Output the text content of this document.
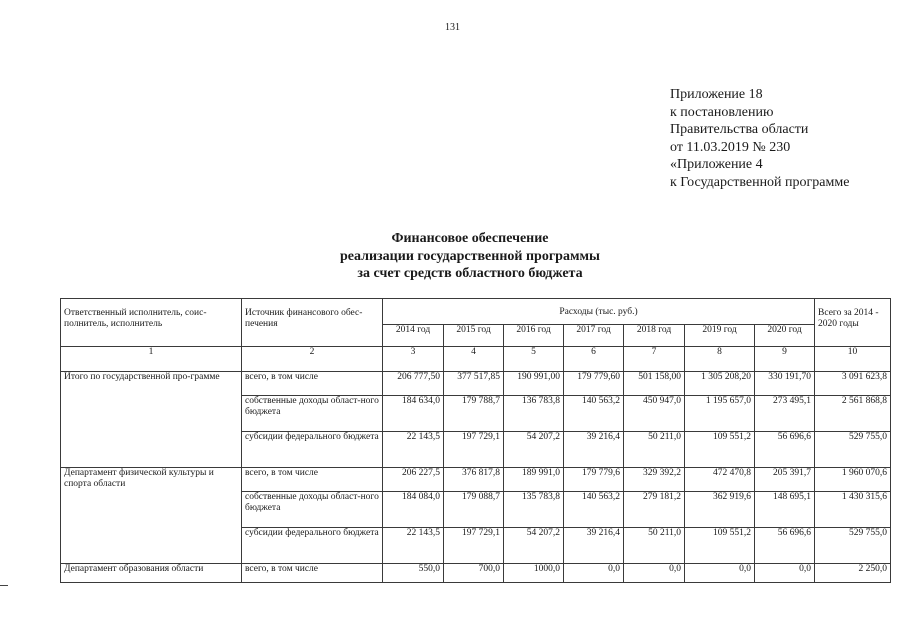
131
Приложение 18
к постановлению
Правительства области
от 11.03.2019 № 230
«Приложение 4
к Государственной программе
Финансовое обеспечение
реализации государственной программы
за счет средств областного бюджета
Ответственный исполнитель, соис-полнитель, исполнитель	Источник финансового обес-печения	Расходы (тыс. руб.)							Всего за 2014 - 2020 годы
		2014 год	2015 год	2016 год	2017 год	2018 год	2019 год	2020 год	
1	2	3	4	5	6	7	8	9	10
Итого по государственной про-грамме	всего, в том числе	206 777,50	377 517,85	190 991,00	179 779,60	501 158,00	1 305 208,20	330 191,70	3 091 623,8
	собственные доходы област-ного бюджета	184 634,0	179 788,7	136 783,8	140 563,2	450 947,0	1 195 657,0	273 495,1	2 561 868,8
	субсидии федерального бюджета	22 143,5	197 729,1	54 207,2	39 216,4	50 211,0	109 551,2	56 696,6	529 755,0
Департамент физической культуры и спорта области	всего, в том числе	206 227,5	376 817,8	189 991,0	179 779,6	329 392,2	472 470,8	205 391,7	1 960 070,6
	собственные доходы област-ного бюджета	184 084,0	179 088,7	135 783,8	140 563,2	279 181,2	362 919,6	148 695,1	1 430 315,6
	субсидии федерального бюджета	22 143,5	197 729,1	54 207,2	39 216,4	50 211,0	109 551,2	56 696,6	529 755,0
Департамент образования области	всего, в том числе	550,0	700,0	1000,0	0,0	0,0	0,0	0,0	2 250,0
